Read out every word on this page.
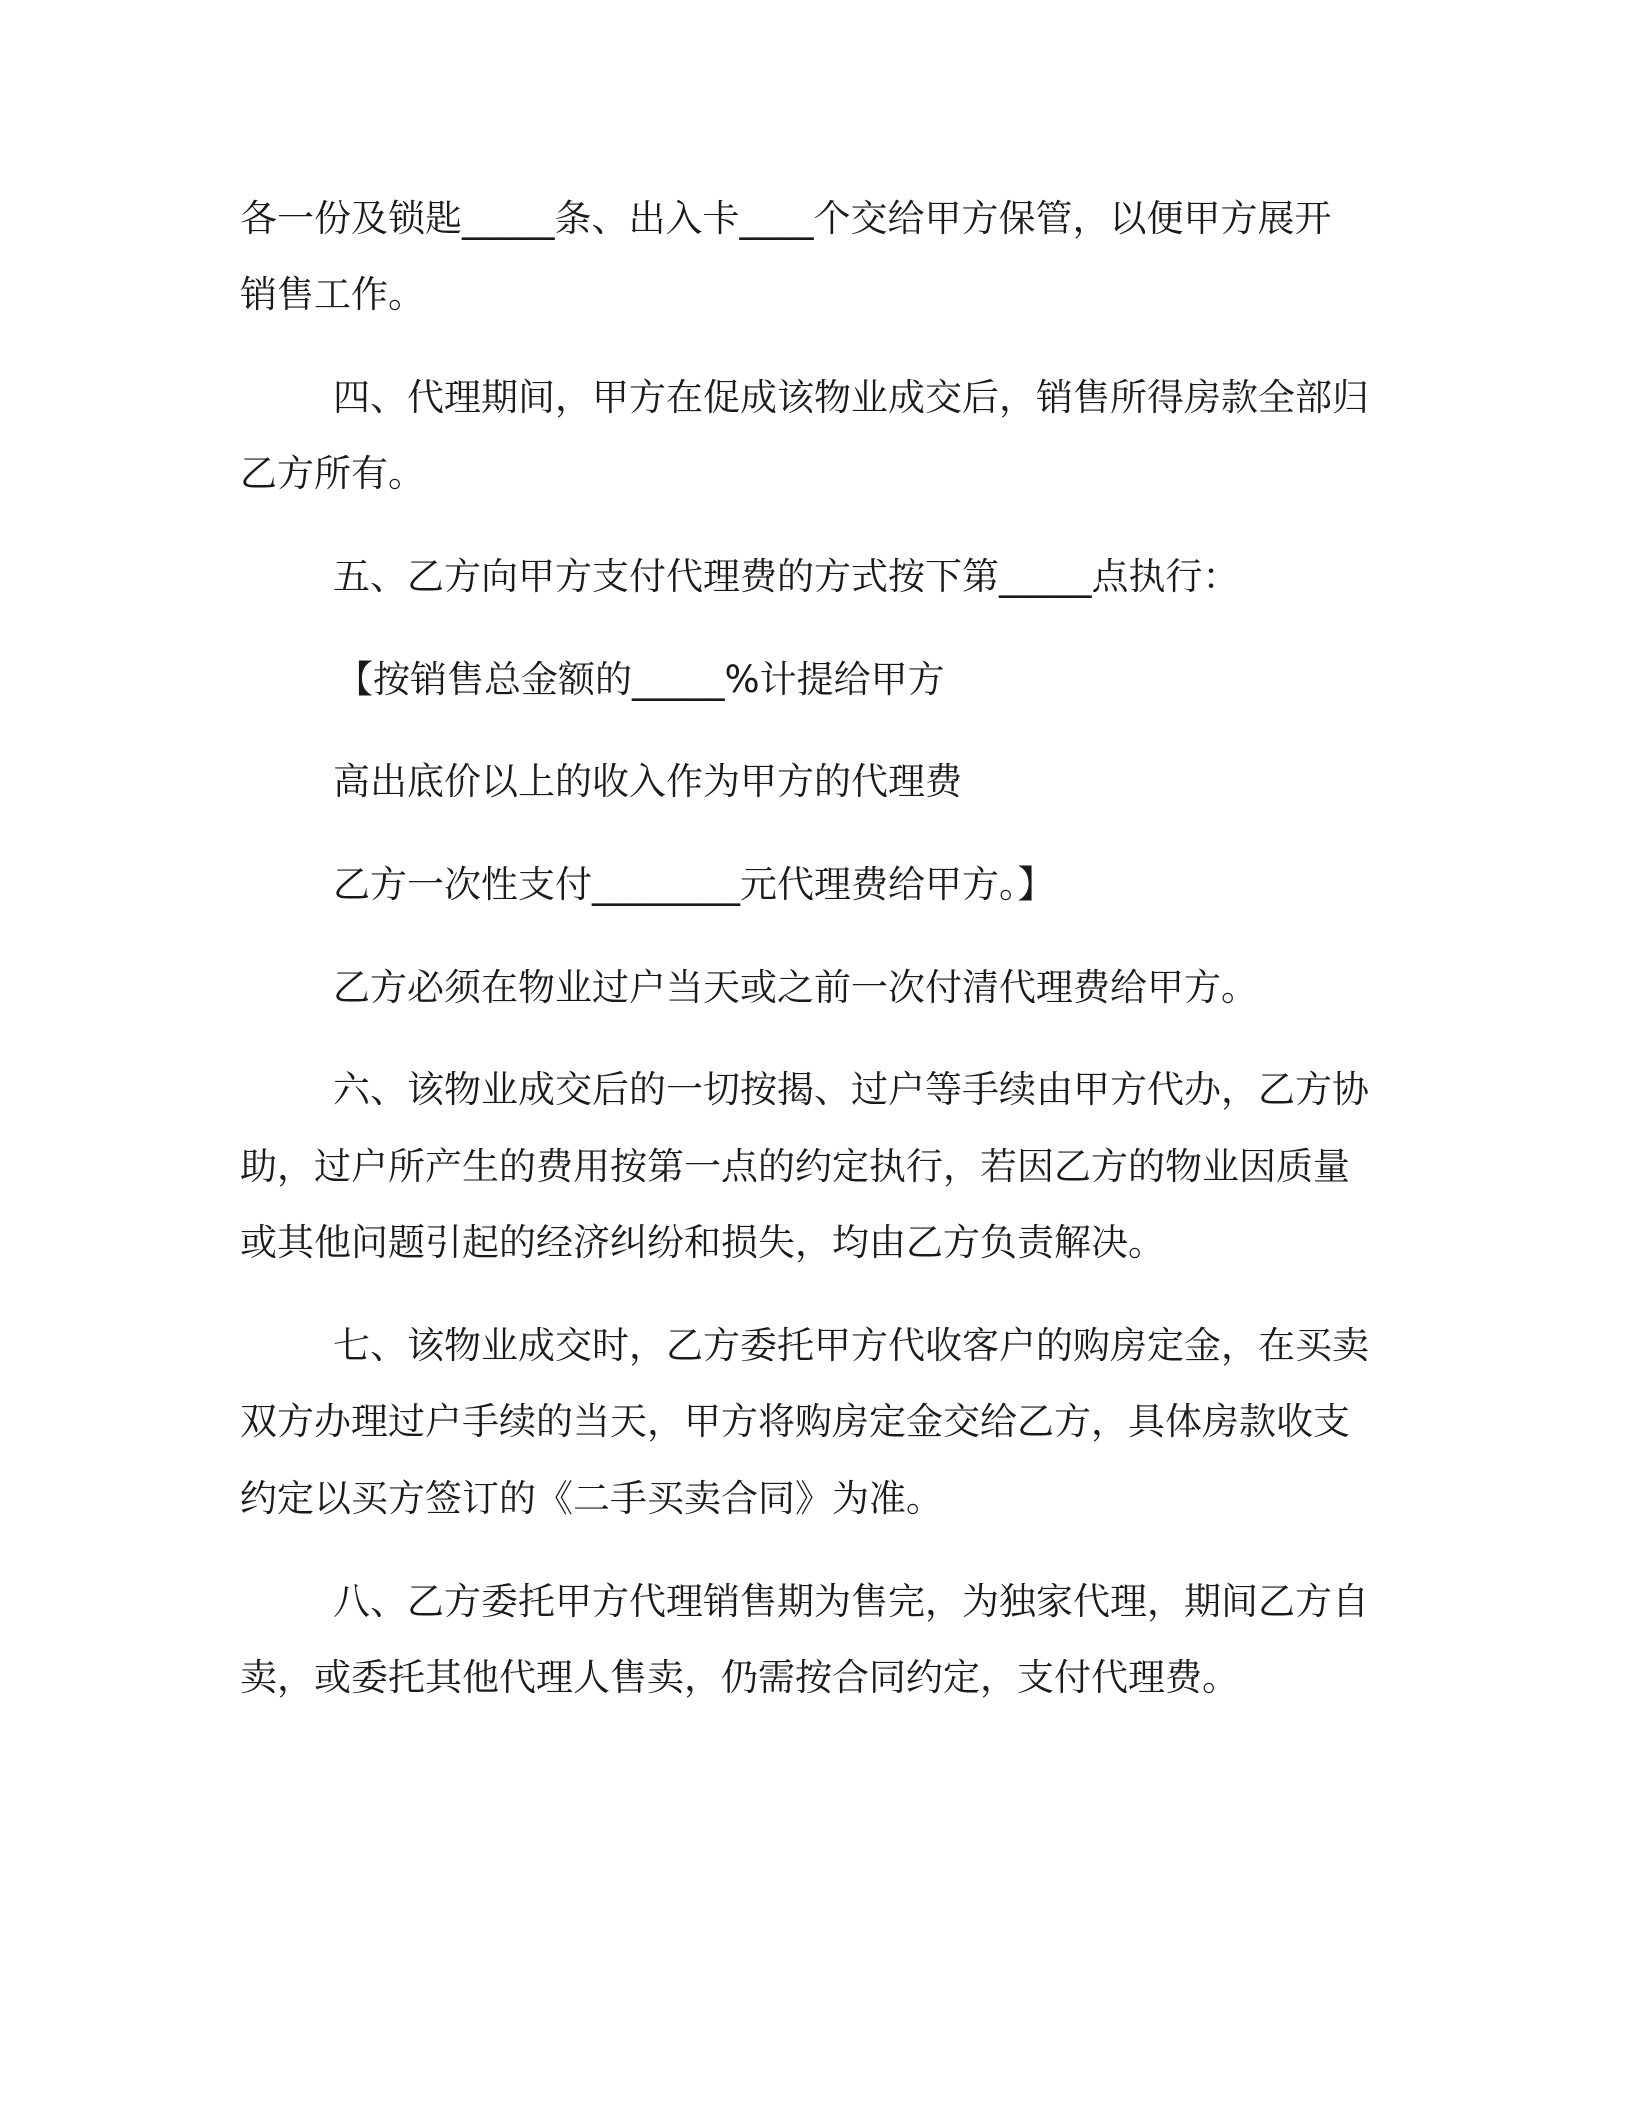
各一份及锁匙_____条、出入卡____个交给甲方保管，以便甲方展开
销售工作。
四、代理期间，甲方在促成该物业成交后，销售所得房款全部归
乙方所有。
五、乙方向甲方支付代理费的方式按下第_____点执行：
【按销售总金额的_____%计提给甲方
高出底价以上的收入作为甲方的代理费
乙方一次性支付________元代理费给甲方。】
乙方必须在物业过户当天或之前一次付清代理费给甲方。
六、该物业成交后的一切按揭、过户等手续由甲方代办，乙方协
助，过户所产生的费用按第一点的约定执行，若因乙方的物业因质量
或其他问题引起的经济纠纷和损失，均由乙方负责解决。
七、该物业成交时，乙方委托甲方代收客户的购房定金，在买卖
双方办理过户手续的当天，甲方将购房定金交给乙方，具体房款收支
约定以买方签订的《二手买卖合同》为准。
八、乙方委托甲方代理销售期为售完，为独家代理，期间乙方自
卖，或委托其他代理人售卖，仍需按合同约定，支付代理费。
